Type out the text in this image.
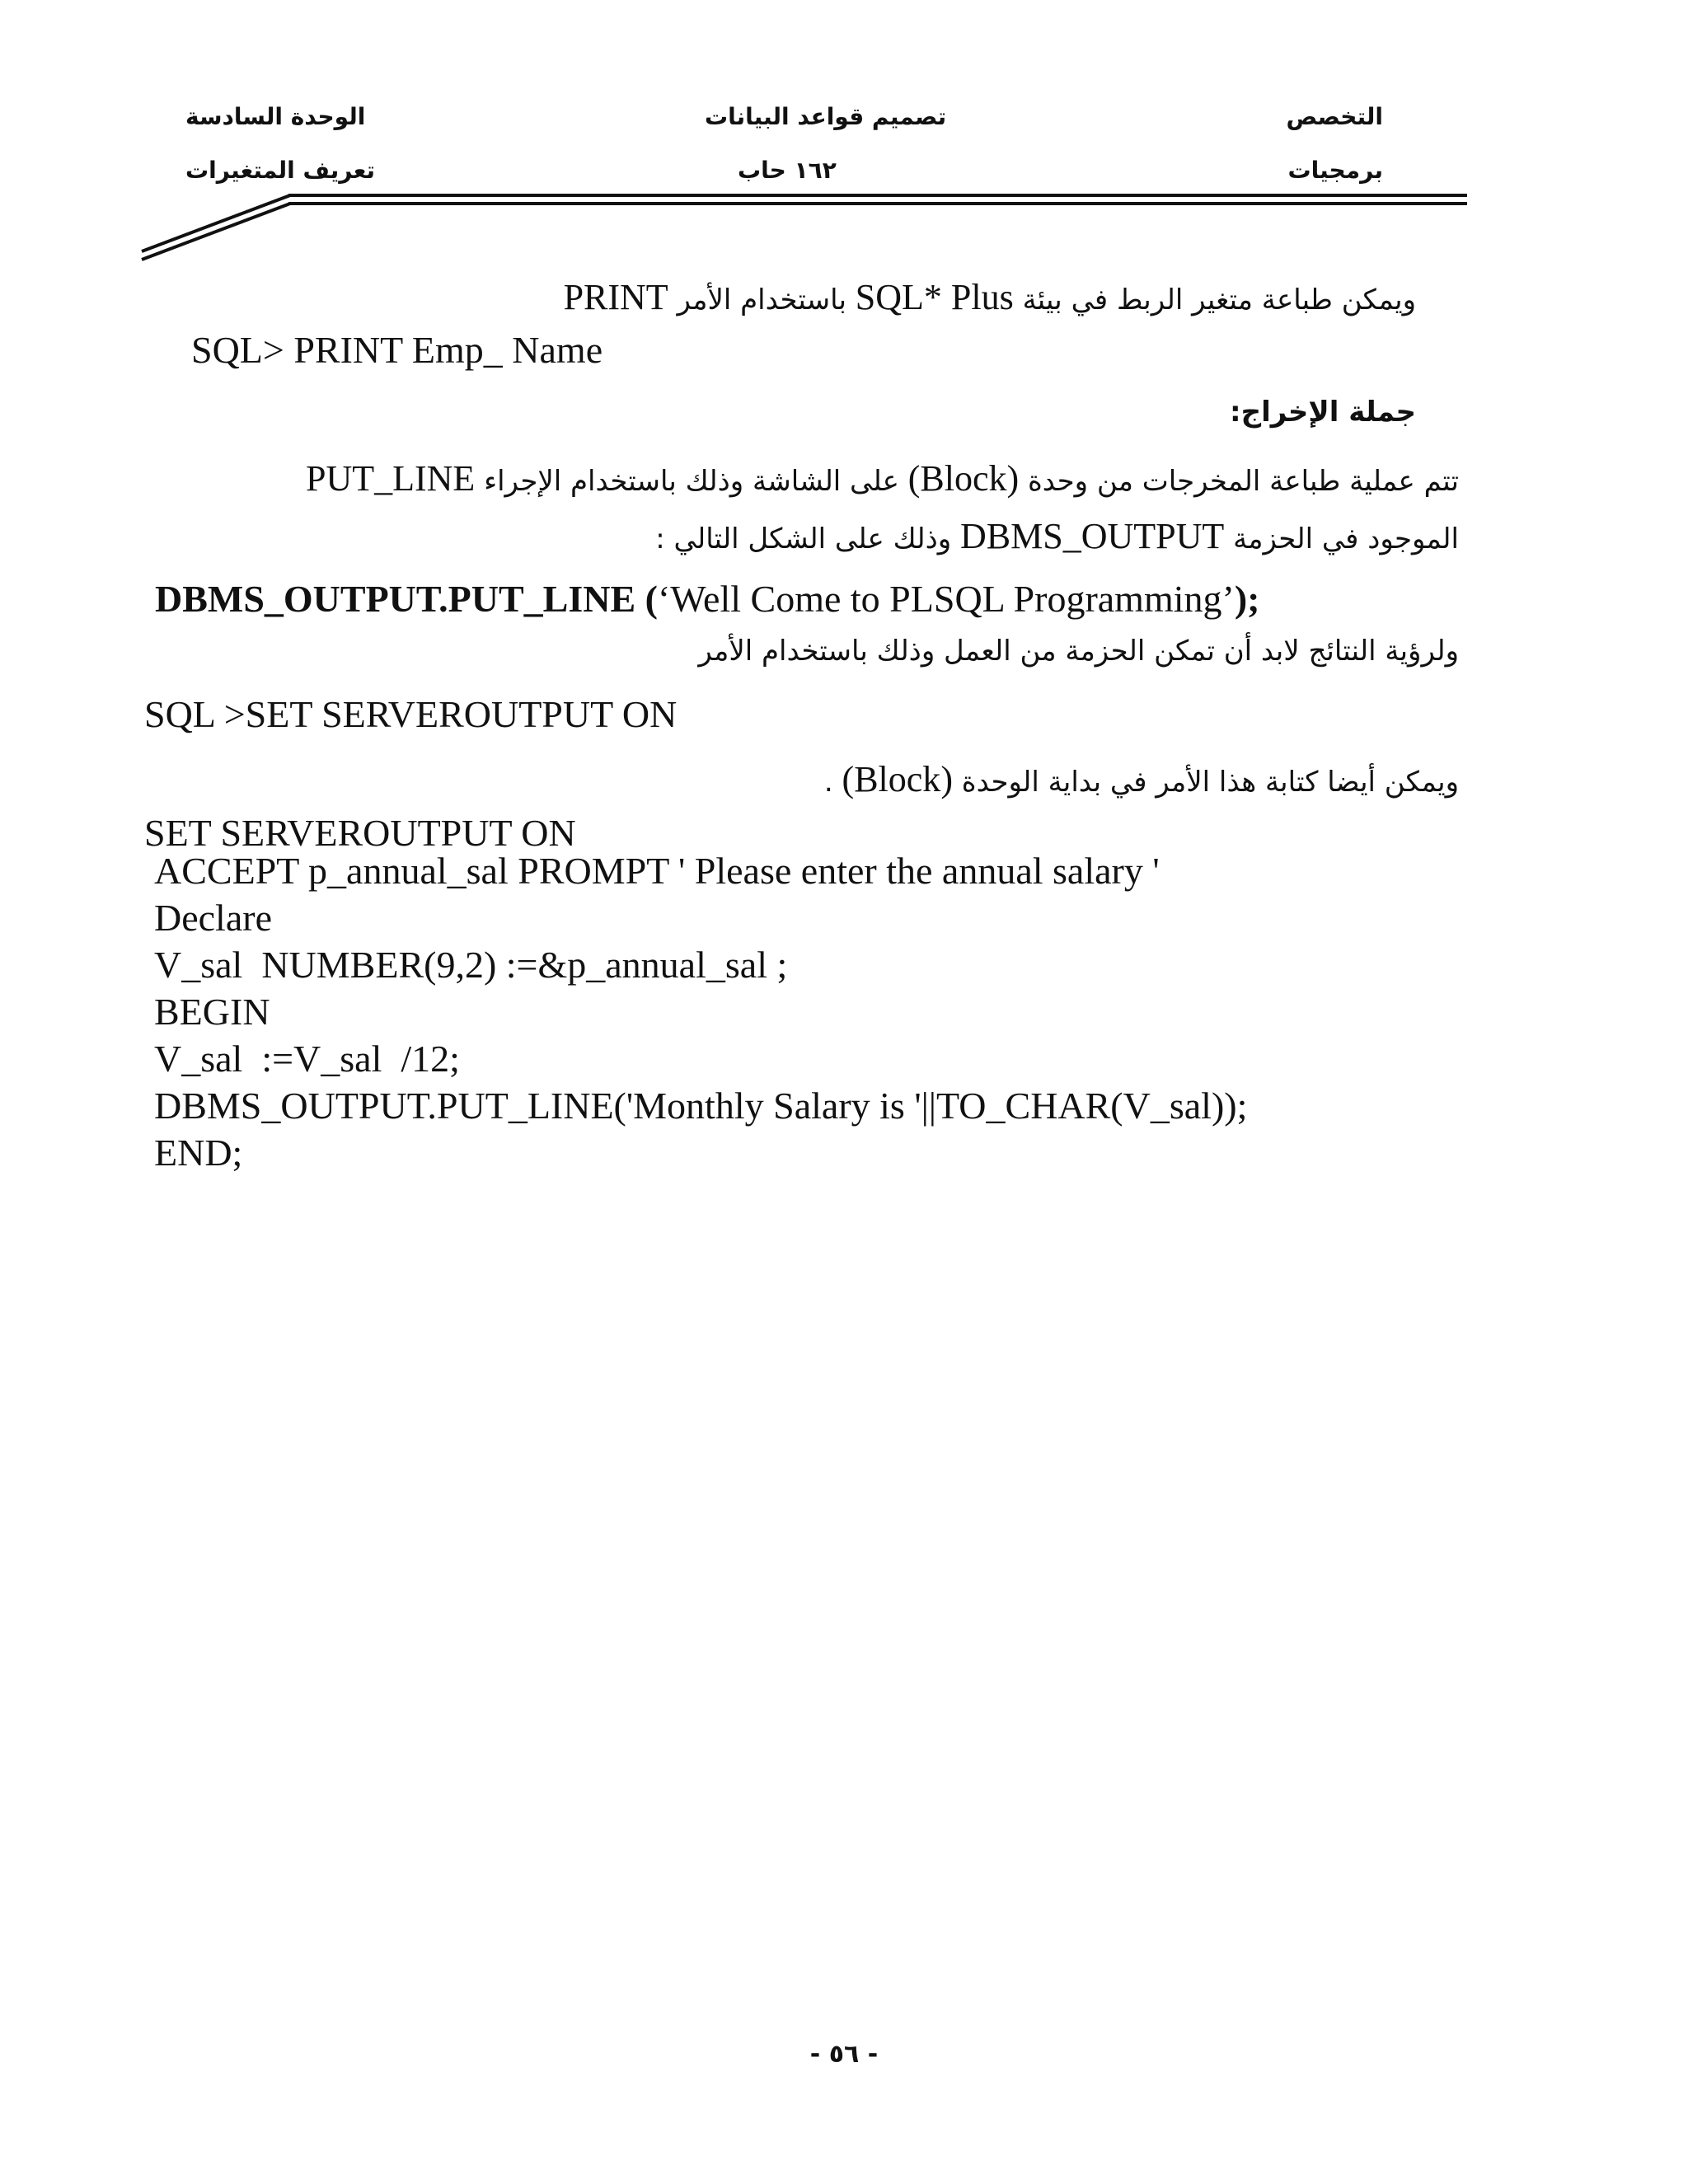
التخصص
برمجيات
تصميم قواعد البيانات
١٦٢ حاب
الوحدة السادسة
تعريف المتغيرات
ويمكن طباعة متغير الربط في بيئة SQL* Plus باستخدام الأمر PRINT
SQL> PRINT Emp_ Name
جملة الإخراج:
تتم عملية طباعة المخرجات من وحدة (Block) على الشاشة وذلك باستخدام الإجراء PUT_LINE
الموجود في الحزمة DBMS_OUTPUT وذلك على الشكل التالي :
DBMS_OUTPUT.PUT_LINE (‘Well Come to PLSQL Programming’);
ولرؤية النتائج لابد أن تمكن الحزمة من العمل وذلك باستخدام الأمر
SQL >SET SERVEROUTPUT ON
ويمكن أيضا كتابة هذا الأمر في بداية الوحدة (Block) .
SET SERVEROUTPUT ON
ACCEPT p_annual_sal PROMPT ' Please enter the annual salary '
Declare
V_sal  NUMBER(9,2) :=&p_annual_sal ;
BEGIN
V_sal  :=V_sal  /12;
DBMS_OUTPUT.PUT_LINE('Monthly Salary is '||TO_CHAR(V_sal));
END;
- ٥٦ -
